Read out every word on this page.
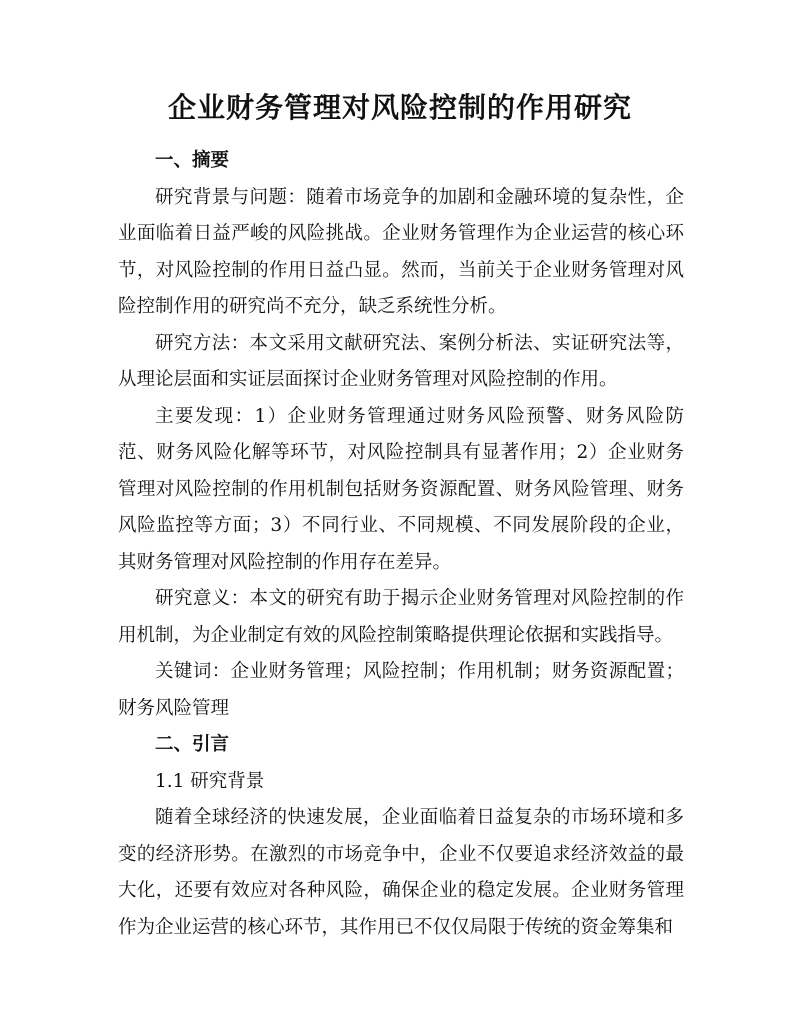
企业财务管理对风险控制的作用研究

一、摘要

研究背景与问题：随着市场竞争的加剧和金融环境的复杂性，企业面临着日益严峻的风险挑战。企业财务管理作为企业运营的核心环节，对风险控制的作用日益凸显。然而，当前关于企业财务管理对风险控制作用的研究尚不充分，缺乏系统性分析。

研究方法：本文采用文献研究法、案例分析法、实证研究法等，从理论层面和实证层面探讨企业财务管理对风险控制的作用。

主要发现：1）企业财务管理通过财务风险预警、财务风险防范、财务风险化解等环节，对风险控制具有显著作用；2）企业财务管理对风险控制的作用机制包括财务资源配置、财务风险管理、财务风险监控等方面；3）不同行业、不同规模、不同发展阶段的企业，其财务管理对风险控制的作用存在差异。

研究意义：本文的研究有助于揭示企业财务管理对风险控制的作用机制，为企业制定有效的风险控制策略提供理论依据和实践指导。

关键词：企业财务管理；风险控制；作用机制；财务资源配置；财务风险管理

二、引言

1.1 研究背景

随着全球经济的快速发展，企业面临着日益复杂的市场环境和多变的经济形势。在激烈的市场竞争中，企业不仅要追求经济效益的最大化，还要有效应对各种风险，确保企业的稳定发展。企业财务管理作为企业运营的核心环节，其作用已不仅仅局限于传统的资金筹集和
